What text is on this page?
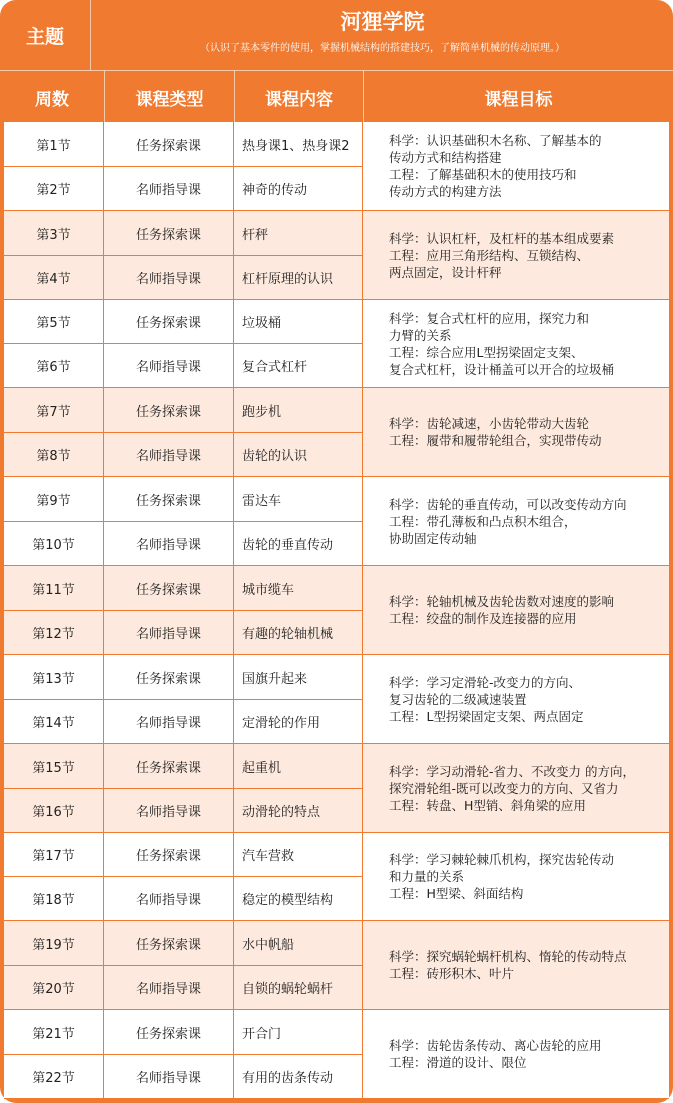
主题
河狸学院
（认识了基本零件的使用，掌握机械结构的搭建技巧，了解简单机械的传动原理。）
周数	课程类型	课程内容	课程目标
第1节	任务探索课	热身课1、热身课2
第2节	名师指导课	神奇的传动
科学：认识基础积木名称、了解基本的
传动方式和结构搭建
工程：了解基础积木的使用技巧和
传动方式的构建方法
第3节	任务探索课	杆秤
第4节	名师指导课	杠杆原理的认识
科学：认识杠杆，及杠杆的基本组成要素
工程：应用三角形结构、互锁结构、
两点固定，设计杆秤
第5节	任务探索课	垃圾桶
第6节	名师指导课	复合式杠杆
科学：复合式杠杆的应用，探究力和
力臂的关系
工程：综合应用L型拐梁固定支架、
复合式杠杆，设计桶盖可以开合的垃圾桶
第7节	任务探索课	跑步机
第8节	名师指导课	齿轮的认识
科学：齿轮减速，小齿轮带动大齿轮
工程：履带和履带轮组合，实现带传动
第9节	任务探索课	雷达车
第10节	名师指导课	齿轮的垂直传动
科学：齿轮的垂直传动，可以改变传动方向
工程：带孔薄板和凸点积木组合，
协助固定传动轴
第11节	任务探索课	城市缆车
第12节	名师指导课	有趣的轮轴机械
科学：轮轴机械及齿轮齿数对速度的影响
工程：绞盘的制作及连接器的应用
第13节	任务探索课	国旗升起来
第14节	名师指导课	定滑轮的作用
科学：学习定滑轮-改变力的方向、
复习齿轮的二级减速装置
工程：L型拐梁固定支架、两点固定
第15节	任务探索课	起重机
第16节	名师指导课	动滑轮的特点
科学：学习动滑轮-省力、不改变力 的方向，
探究滑轮组-既可以改变力的方向、又省力
工程：转盘、H型销、斜角梁的应用
第17节	任务探索课	汽车营救
第18节	名师指导课	稳定的模型结构
科学：学习棘轮棘爪机构，探究齿轮传动
和力量的关系
工程：H型梁、斜面结构
第19节	任务探索课	水中帆船
第20节	名师指导课	自锁的蜗轮蜗杆
科学：探究蜗轮蜗杆机构、惰轮的传动特点
工程：砖形积木、叶片
第21节	任务探索课	开合门
第22节	名师指导课	有用的齿条传动
科学：齿轮齿条传动、离心齿轮的应用
工程：滑道的设计、限位
